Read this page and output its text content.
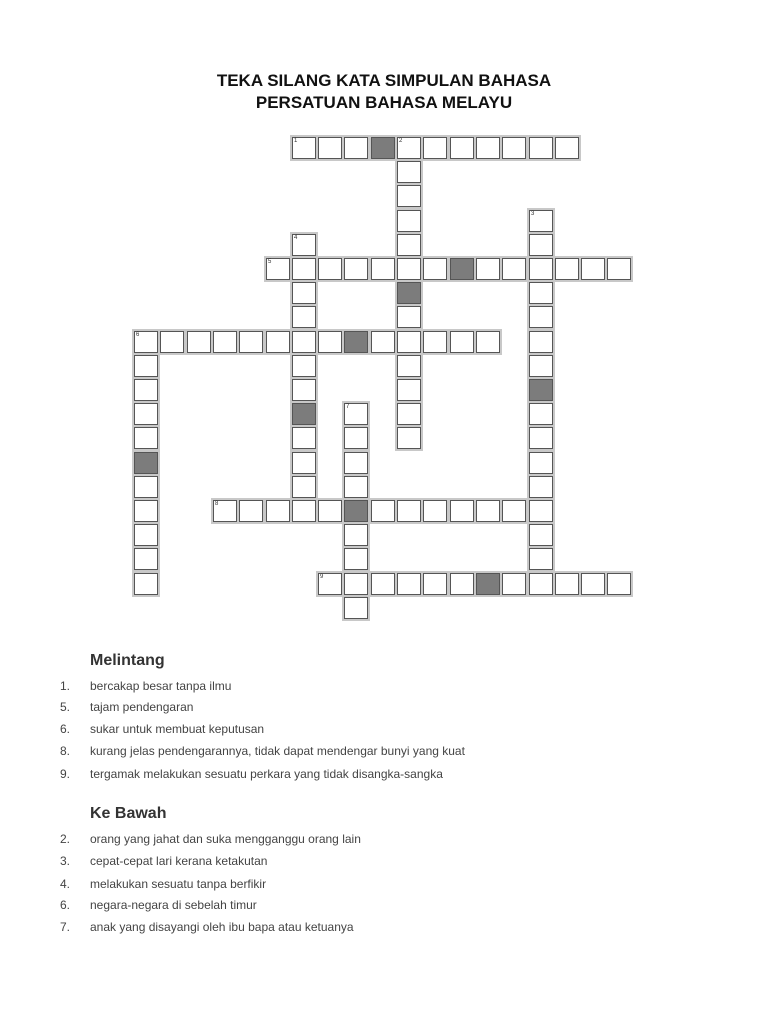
TEKA SILANG KATA SIMPULAN BAHASA
PERSATUAN BAHASA MELAYU
1	2
5
6
8
9
3
4
7
Melintang
1. bercakap besar tanpa ilmu
5. tajam pendengaran
6. sukar untuk membuat keputusan
8. kurang jelas pendengarannya, tidak dapat mendengar bunyi yang kuat
9. tergamak melakukan sesuatu perkara yang tidak disangka-sangka
Ke Bawah
2. orang yang jahat dan suka mengganggu orang lain
3. cepat-cepat lari kerana ketakutan
4. melakukan sesuatu tanpa berfikir
6. negara-negara di sebelah timur
7. anak yang disayangi oleh ibu bapa atau ketuanya
